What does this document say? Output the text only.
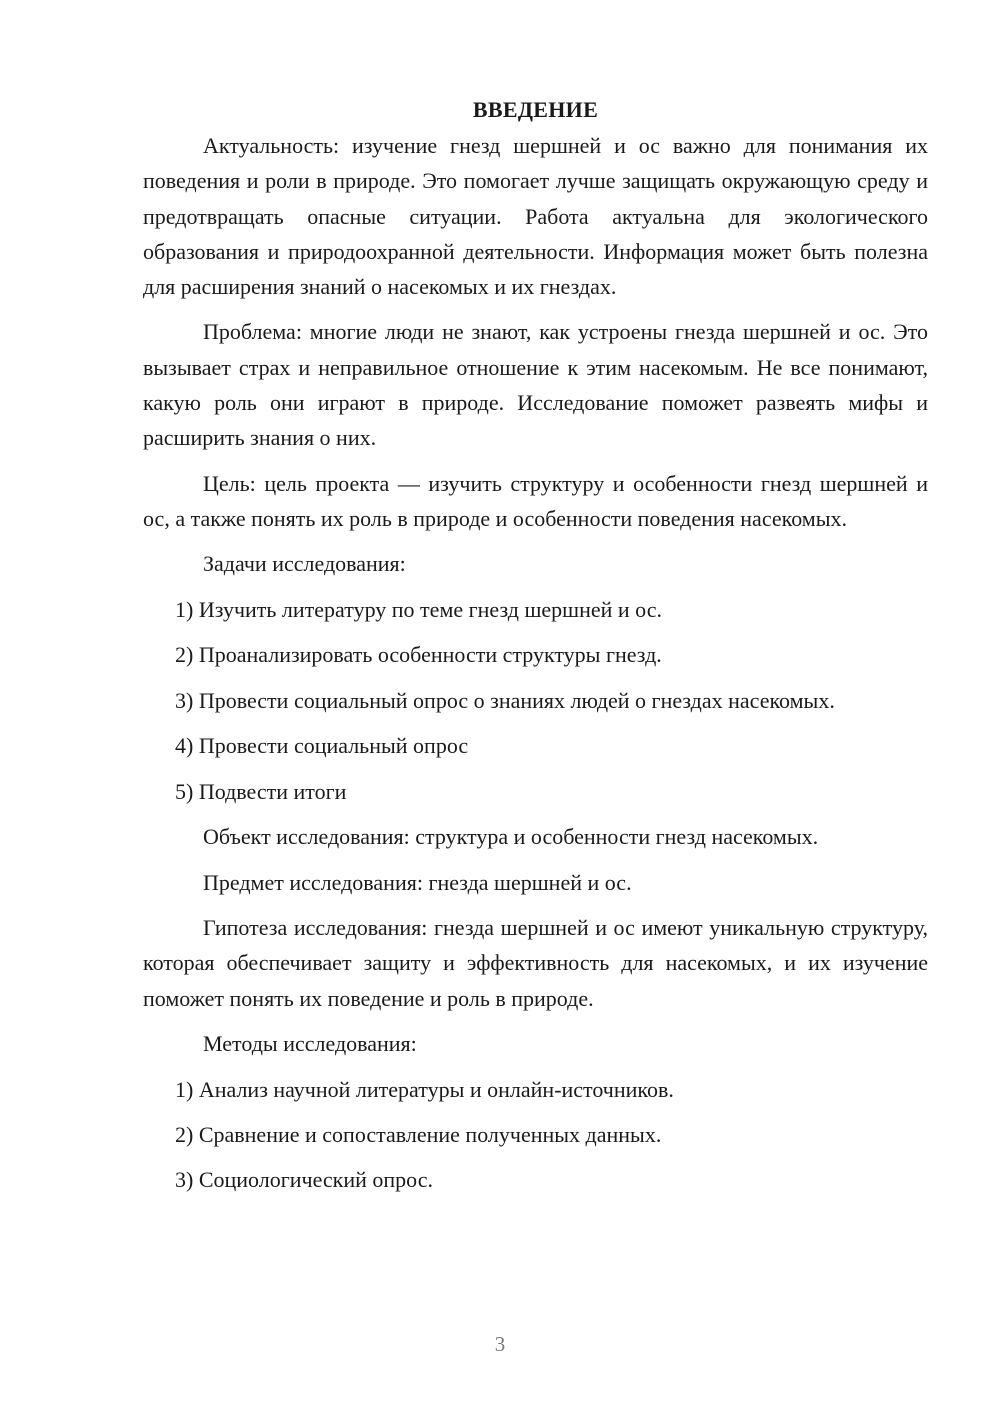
ВВЕДЕНИЕ

Актуальность: изучение гнезд шершней и ос важно для понимания их поведения и роли в природе. Это помогает лучше защищать окружающую среду и предотвращать опасные ситуации. Работа актуальна для экологического образования и природоохранной деятельности. Информация может быть полезна для расширения знаний о насекомых и их гнездах.

Проблема: многие люди не знают, как устроены гнезда шершней и ос. Это вызывает страх и неправильное отношение к этим насекомым. Не все понимают, какую роль они играют в природе. Исследование поможет развеять мифы и расширить знания о них.

Цель: цель проекта — изучить структуру и особенности гнезд шершней и ос, а также понять их роль в природе и особенности поведения насекомых.

Задачи исследования:
1) Изучить литературу по теме гнезд шершней и ос.
2) Проанализировать особенности структуры гнезд.
3) Провести социальный опрос о знаниях людей о гнездах насекомых.
4) Провести социальный опрос
5) Подвести итоги
Объект исследования: структура и особенности гнезд насекомых.
Предмет исследования: гнезда шершней и ос.

Гипотеза исследования: гнезда шершней и ос имеют уникальную структуру, которая обеспечивает защиту и эффективность для насекомых, и их изучение поможет понять их поведение и роль в природе.

Методы исследования:
1) Анализ научной литературы и онлайн-источников.
2) Сравнение и сопоставление полученных данных.
3) Социологический опрос.
3
